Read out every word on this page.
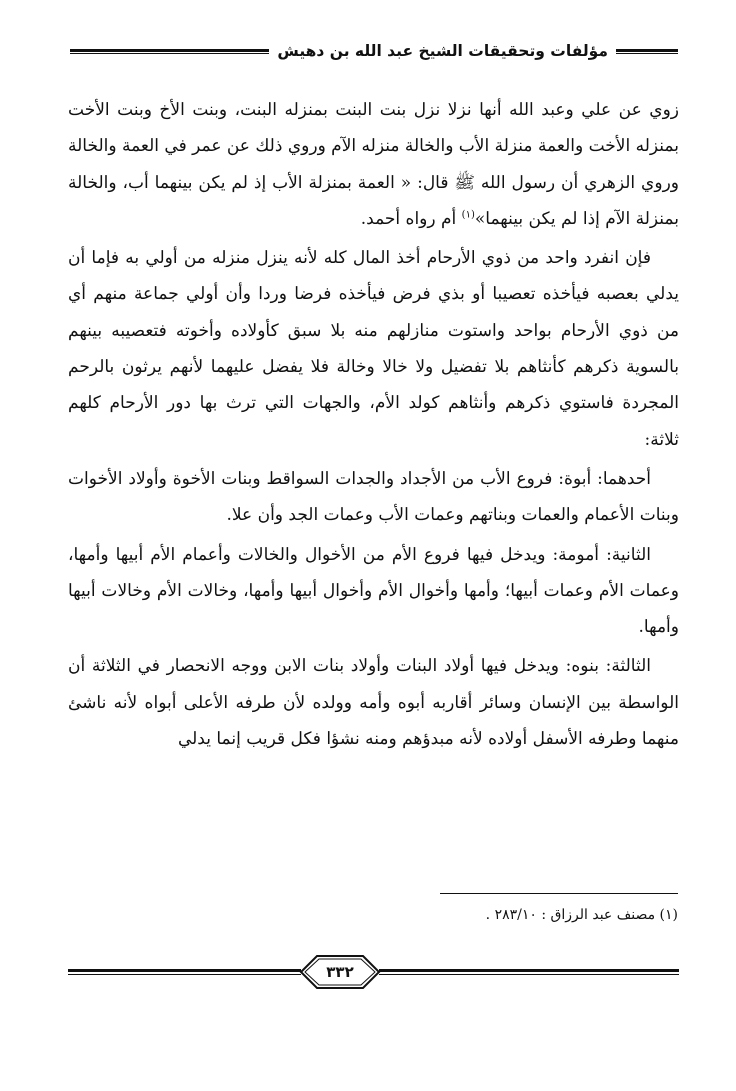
مؤلفات وتحقيقات الشيخ عبد الله بن دهيش

زوي عن علي وعبد الله أنها نزلا نزل بنت البنت بمنزله البنت، وبنت الأخ وبنت الأخت بمنزله الأخت والعمة منزلة الأب والخالة منزله الآم وروي ذلك عن عمر في العمة والخالة وروي الزهري أن رسول الله ﷺ قال: « العمة بمنزلة الأب إذ لم يكن بينهما أب، والخالة بمنزلة الآم إذا لم يكن بينهما»$^{(١)}$ أم رواه أحمد.

فإن انفرد واحد من ذوي الأرحام أخذ المال كله لأنه ينزل منزله من أولي به فإما أن يدلي بعصبه فيأخذه تعصيبا أو بذي فرض فيأخذه فرضا وردا وأن أولي جماعة منهم أي من ذوي الأرحام بواحد واستوت منازلهم منه بلا سبق كأولاده وأخوته فتعصيبه بينهم بالسوية ذكرهم كأنثاهم بلا تفضيل ولا خالا وخالة فلا يفضل عليهما لأنهم يرثون بالرحم المجردة فاستوي ذكرهم وأنثاهم كولد الأم، والجهات التي ترث بها دور الأرحام كلهم ثلاثة:

أحدهما: أبوة: فروع الأب من الأجداد والجدات السواقط وبنات الأخوة وأولاد الأخوات وبنات الأعمام والعمات وبناتهم وعمات الأب وعمات الجد وأن علا.

الثانية: أمومة: ويدخل فيها فروع الأم من الأخوال والخالات وأعمام الأم أبيها وأمها، وعمات الأم وعمات أبيها؛ وأمها وأخوال الأم وأخوال أبيها وأمها، وخالات الأم وخالات أبيها وأمها.

الثالثة: بنوه: ويدخل فيها أولاد البنات وأولاد بنات الابن ووجه الانحصار في الثلاثة أن الواسطة بين الإنسان وسائر أقاربه أبوه وأمه وولده لأن طرفه الأعلى أبواه لأنه ناشئ منهما وطرفه الأسفل أولاده لأنه مبدؤهم ومنه نشؤا فكل قريب إنما يدلي

(١) مصنف عبد الرزاق : ٢٨٣/١٠ .
٣٣٢
